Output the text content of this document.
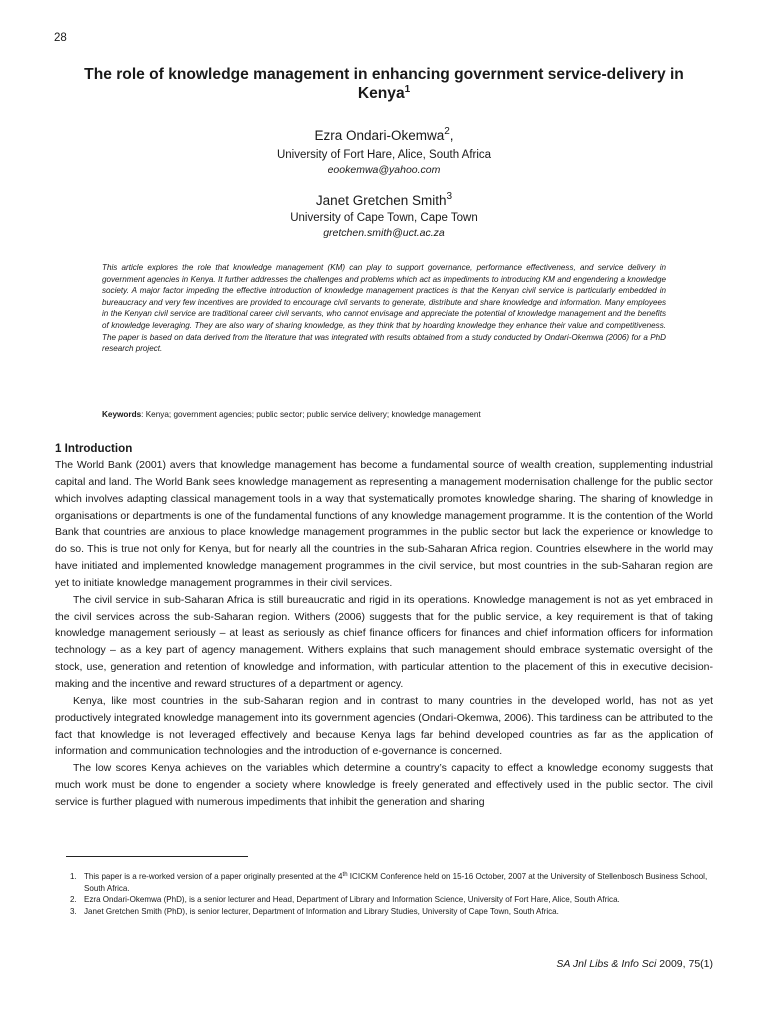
28
The role of knowledge management in enhancing government service-delivery in Kenya$^1$
Ezra Ondari-Okemwa$^2$,
University of Fort Hare, Alice, South Africa
eookemwa@yahoo.com
Janet Gretchen Smith$^3$
University of Cape Town, Cape Town
gretchen.smith@uct.ac.za

This article explores the role that knowledge management (KM) can play to support governance, performance effectiveness, and service delivery in government agencies in Kenya. It further addresses the challenges and problems which act as impediments to introducing KM and engendering a knowledge society. A major factor impeding the effective introduction of knowledge management practices is that the Kenyan civil service is particularly embedded in bureaucracy and very few incentives are provided to encourage civil servants to generate, distribute and share knowledge and information. Many employees in the Kenyan civil service are traditional career civil servants, who cannot envisage and appreciate the potential of knowledge management and the benefits of knowledge leveraging. They are also wary of sharing knowledge, as they think that by hoarding knowledge they enhance their value and competitiveness. The paper is based on data derived from the literature that was integrated with results obtained from a study conducted by Ondari-Okemwa (2006) for a PhD research project.

Keywords: Kenya; government agencies; public sector; public service delivery; knowledge management

1 Introduction

The World Bank (2001) avers that knowledge management has become a fundamental source of wealth creation, supplementing industrial capital and land. The World Bank sees knowledge management as representing a management modernisation challenge for the public sector which involves adapting classical management tools in a way that systematically promotes knowledge sharing. The sharing of knowledge in organisations or departments is one of the fundamental functions of any knowledge management programme. It is the contention of the World Bank that countries are anxious to place knowledge management programmes in the public sector but lack the experience or knowledge to do so. This is true not only for Kenya, but for nearly all the countries in the sub-Saharan Africa region. Countries elsewhere in the world may have initiated and implemented knowledge management programmes in the civil service, but most countries in the sub-Saharan region are yet to initiate knowledge management programmes in their civil services.

The civil service in sub-Saharan Africa is still bureaucratic and rigid in its operations. Knowledge management is not as yet embraced in the civil services across the sub-Saharan region. Withers (2006) suggests that for the public service, a key requirement is that of taking knowledge management seriously – at least as seriously as chief finance officers for finances and chief information officers for information technology – as a key part of agency management. Withers explains that such management should embrace systematic oversight of the stock, use, generation and retention of knowledge and information, with particular attention to the placement of this in executive decision-making and the incentive and reward structures of a department or agency.

Kenya, like most countries in the sub-Saharan region and in contrast to many countries in the developed world, has not as yet productively integrated knowledge management into its government agencies (Ondari-Okemwa, 2006). This tardiness can be attributed to the fact that knowledge is not leveraged effectively and because Kenya lags far behind developed countries as far as the application of information and communication technologies and the introduction of e-governance is concerned.

The low scores Kenya achieves on the variables which determine a country’s capacity to effect a knowledge economy suggests that much work must be done to engender a society where knowledge is freely generated and effectively used in the public sector. The civil service is further plagued with numerous impediments that inhibit the generation and sharing

1. This paper is a re-worked version of a paper originally presented at the 4th ICICKM Conference held on 15-16 October, 2007 at the University of Stellenbosch Business School, South Africa.
2. Ezra Ondari-Okemwa (PhD), is a senior lecturer and Head, Department of Library and Information Science, University of Fort Hare, Alice, South Africa.
3. Janet Gretchen Smith (PhD), is senior lecturer, Department of Information and Library Studies, University of Cape Town, South Africa.
SA Jnl Libs & Info Sci 2009, 75(1)
